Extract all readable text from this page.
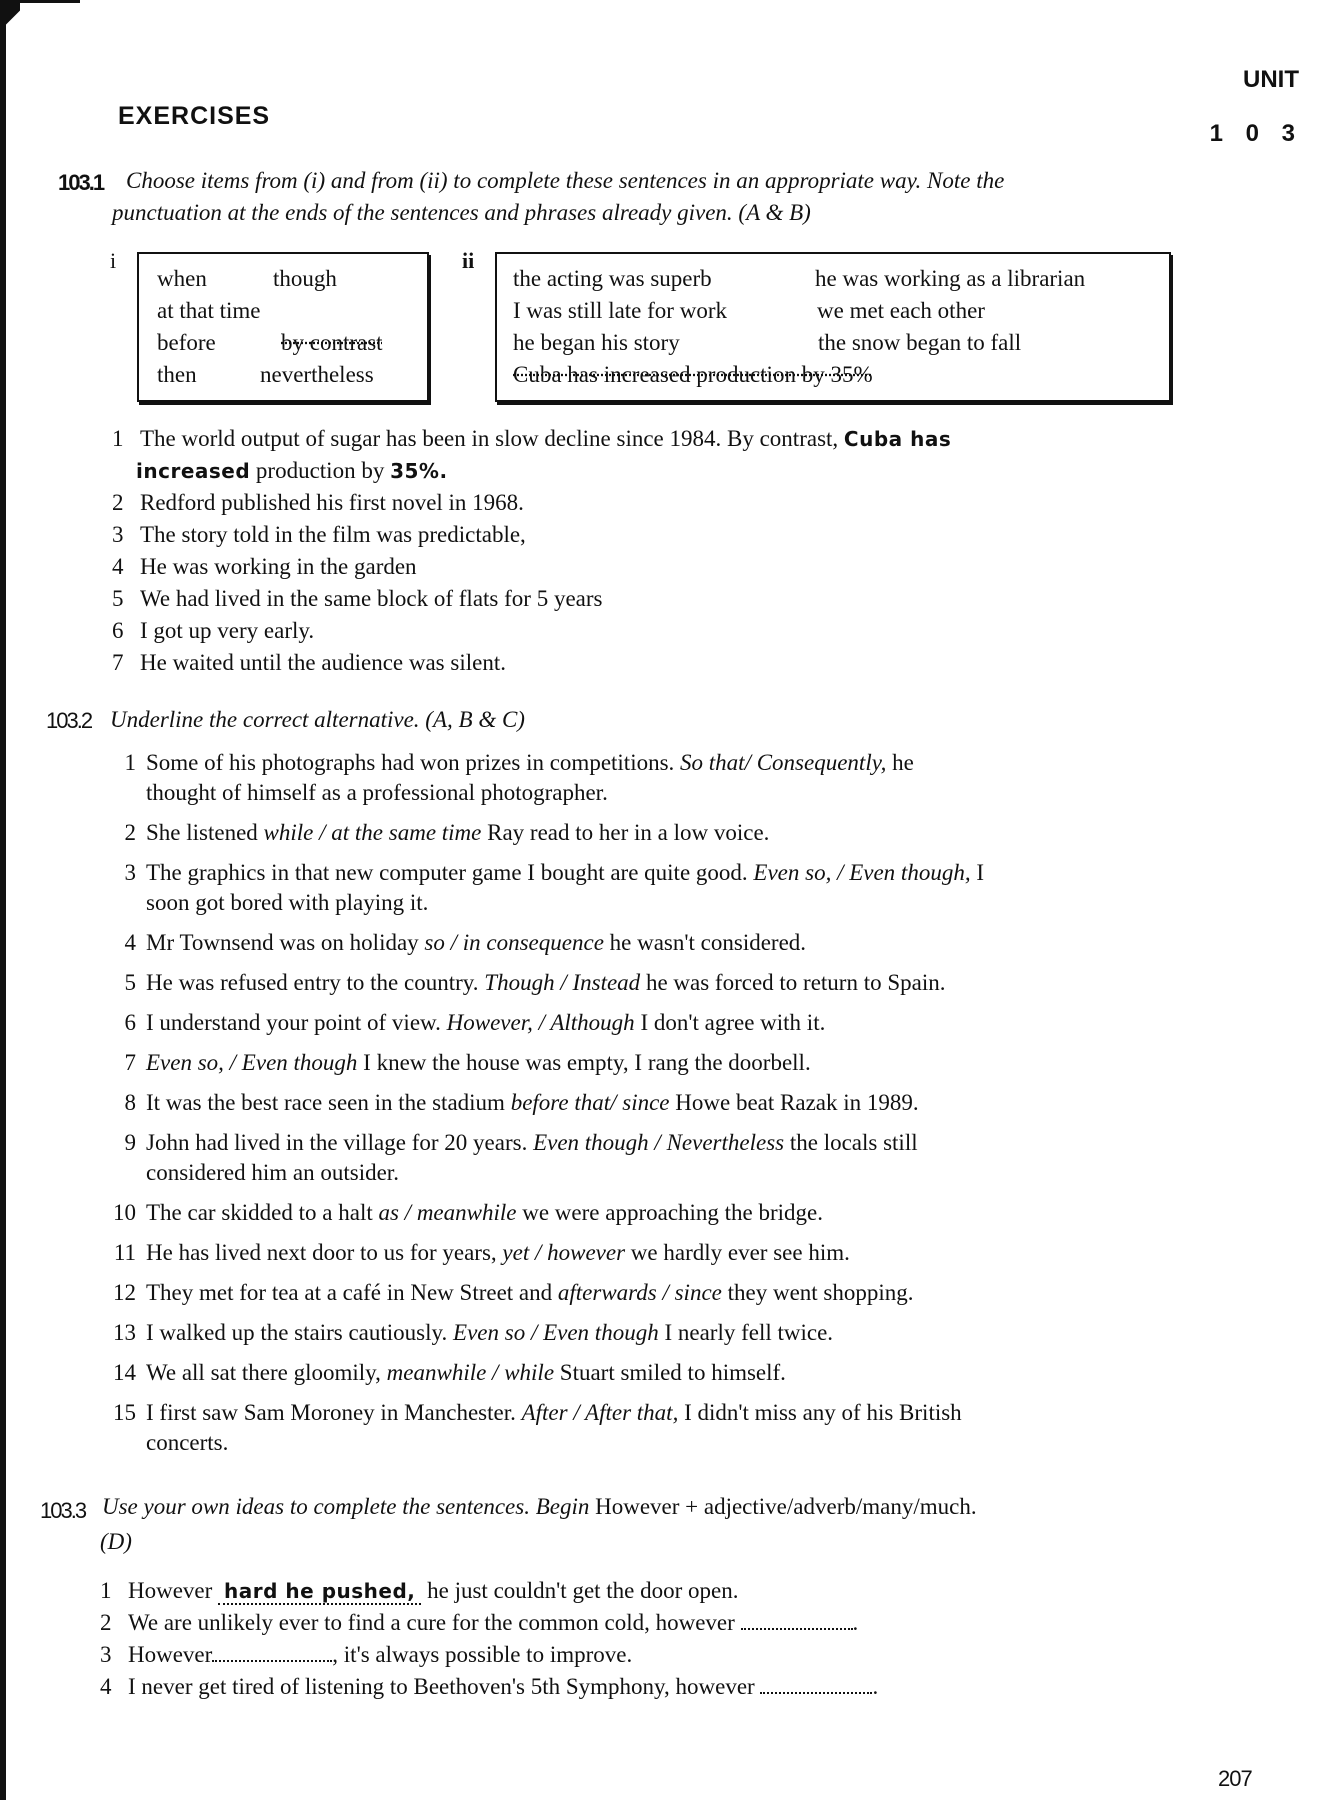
UNIT
1 0 3
EXERCISES
103.1 Choose items from (i) and from (ii) to complete these sentences in an appropriate way. Note the
punctuation at the ends of the sentences and phrases already given. (A & B)
i
when	though
at that time
before	by contrast
then	nevertheless
ii
the acting was superb	he was working as a librarian
I was still late for work	we met each other
he began his story	the snow began to fall
Cuba has increased production by 35%
1 The world output of sugar has been in slow decline since 1984. By contrast, Cuba has
increased production by 35%.
2 Redford published his first novel in 1968.
3 The story told in the film was predictable,
4 He was working in the garden
5 We had lived in the same block of flats for 5 years
6 I got up very early.
7 He waited until the audience was silent.
103.2 Underline the correct alternative. (A, B & C)
1 Some of his photographs had won prizes in competitions. So that/ Consequently, he
thought of himself as a professional photographer.
2 She listened while / at the same time Ray read to her in a low voice.
3 The graphics in that new computer game I bought are quite good. Even so, / Even though, I
soon got bored with playing it.
4 Mr Townsend was on holiday so / in consequence he wasn't considered.
5 He was refused entry to the country. Though / Instead he was forced to return to Spain.
6 I understand your point of view. However, / Although I don't agree with it.
7 Even so, / Even though I knew the house was empty, I rang the doorbell.
8 It was the best race seen in the stadium before that/ since Howe beat Razak in 1989.
9 John had lived in the village for 20 years. Even though / Nevertheless the locals still
considered him an outsider.
10 The car skidded to a halt as / meanwhile we were approaching the bridge.
11 He has lived next door to us for years, yet / however we hardly ever see him.
12 They met for tea at a café in New Street and afterwards / since they went shopping.
13 I walked up the stairs cautiously. Even so / Even though I nearly fell twice.
14 We all sat there gloomily, meanwhile / while Stuart smiled to himself.
15 I first saw Sam Moroney in Manchester. After / After that, I didn't miss any of his British
concerts.
103.3 Use your own ideas to complete the sentences. Begin However + adjective/adverb/many/much.
(D)
1 However hard he pushed, he just couldn't get the door open.
2 We are unlikely ever to find a cure for the common cold, however	.
3 However	, it's always possible to improve.
4 I never get tired of listening to Beethoven's 5th Symphony, however	.
207
